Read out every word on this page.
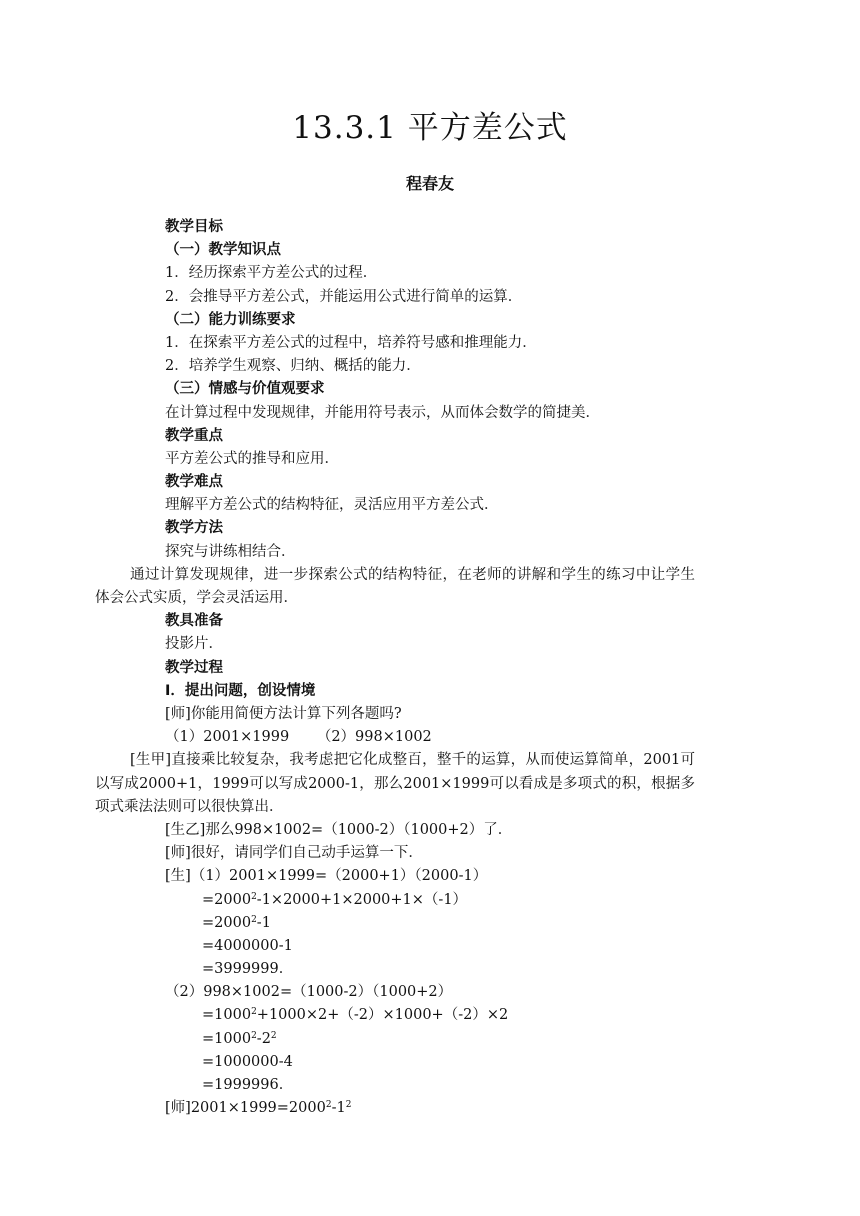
13.3.1 平方差公式
程春友
教学目标
（一）教学知识点
1．经历探索平方差公式的过程．
2．会推导平方差公式，并能运用公式进行简单的运算．
（二）能力训练要求
1．在探索平方差公式的过程中，培养符号感和推理能力．
2．培养学生观察、归纳、概括的能力．
（三）情感与价值观要求
在计算过程中发现规律，并能用符号表示，从而体会数学的简捷美．
教学重点
平方差公式的推导和应用．
教学难点
理解平方差公式的结构特征，灵活应用平方差公式．
教学方法
探究与讲练相结合．
通过计算发现规律，进一步探索公式的结构特征，在老师的讲解和学生的练习中让学生体会公式实质，学会灵活运用．
教具准备
投影片．
教学过程
Ⅰ．提出问题，创设情境
[师]你能用简便方法计算下列各题吗?
（1）2001×1999      （2）998×1002
[生甲]直接乘比较复杂，我考虑把它化成整百，整千的运算，从而使运算简单，2001可以写成2000+1，1999可以写成2000-1，那么2001×1999可以看成是多项式的积，根据多项式乘法法则可以很快算出．
[生乙]那么998×1002=（1000-2）（1000+2）了．
[师]很好，请同学们自己动手运算一下．
[生]（1）2001×1999=（2000+1）（2000-1）
$=2000^2-1\times 2000+1\times 2000+1\times(-1)$
$=2000^2-1$
=4000000-1
=3999999．
（2）998×1002=（1000-2）（1000+2）
$=1000^2+1000\times 2+(-2)\times 1000+(-2)\times 2$
$=1000^2-2^2$
=1000000-4
=1999996．
[师]$2001\times 1999=2000^2-1^2$
